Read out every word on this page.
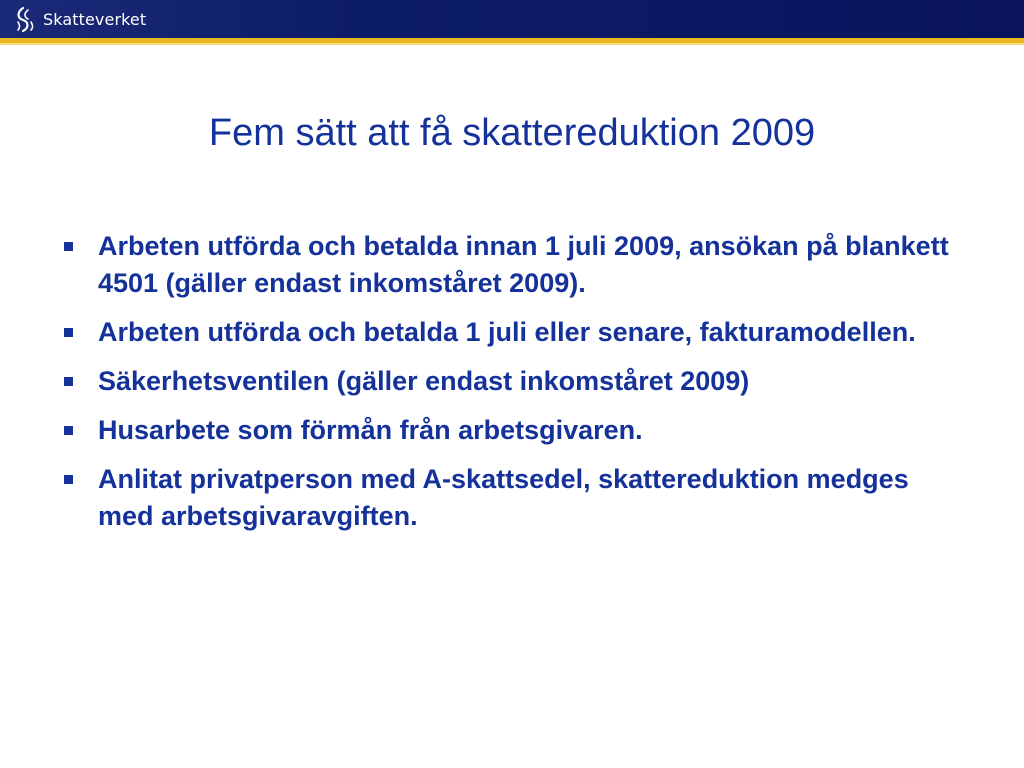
Skatteverket
Fem sätt att få skattereduktion 2009
Arbeten utförda och betalda innan 1 juli 2009, ansökan på blankett 4501 (gäller endast inkomståret 2009).
Arbeten utförda och betalda 1 juli eller senare, fakturamodellen.
Säkerhetsventilen (gäller endast inkomståret 2009)
Husarbete som förmån från arbetsgivaren.
Anlitat privatperson med A-skattsedel, skattereduktion medges med arbetsgivaravgiften.
